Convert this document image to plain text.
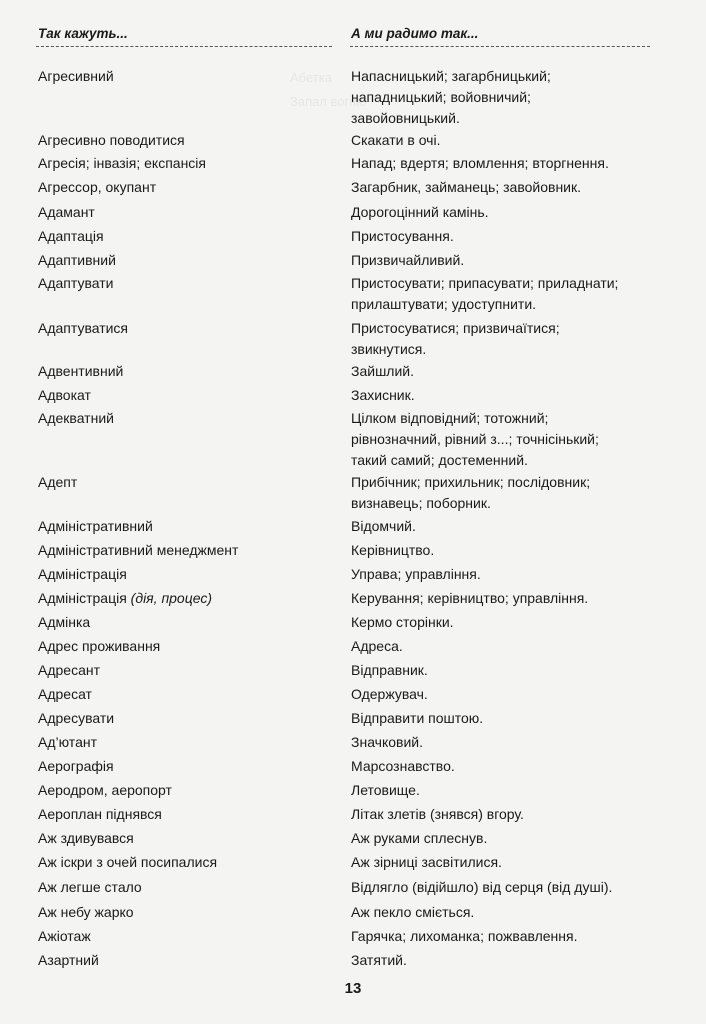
Абетка
Запал вогню
Так кажуть...	А ми радимо так...
Агресивний	Напасницький; загарбницький;
нападницький; войовничий;
завойовницький.
Агресивно поводитися	Скакати в очі.
Агресія; інвазія; експансія	Напад; вдертя; вломлення; вторгнення.
Агрессор, окупант	Загарбник, займанець; завойовник.
Адамант	Дорогоцінний камінь.
Адаптація	Пристосування.
Адаптивний	Призвичайливий.
Адаптувати	Пристосувати; припасувати; приладнати;
прилаштувати; удоступнити.
Адаптуватися	Пристосуватися; призвичаїтися;
звикнутися.
Адвентивний	Зайшлий.
Адвокат	Захисник.
Адекватний	Цілком відповідний; тотожний;
рівнозначний, рівний з...; точнісінький;
такий самий; достеменний.
Адепт	Прибічник; прихильник; послідовник;
визнавець; поборник.
Адміністративний	Відомчий.
Адміністративний менеджмент	Керівництво.
Адміністрація	Управа; управління.
Адміністрація (дія, процес)	Керування; керівництво; управління.
Адмінка	Кермо сторінки.
Адрес проживання	Адреса.
Адресант	Відправник.
Адресат	Одержувач.
Адресувати	Відправити поштою.
Ад’ютант	Значковий.
Аерографія	Марсознавство.
Аеродром, аеропорт	Летовище.
Аероплан піднявся	Літак злетів (знявся) вгору.
Аж здивувався	Аж руками сплеснув.
Аж іскри з очей посипалися	Аж зірниці засвітилися.
Аж легше стало	Відлягло (відійшло) від серця (від душі).
Аж небу жарко	Аж пекло сміється.
Ажіотаж	Гарячка; лихоманка; пожвавлення.
Азартний	Затятий.
13
